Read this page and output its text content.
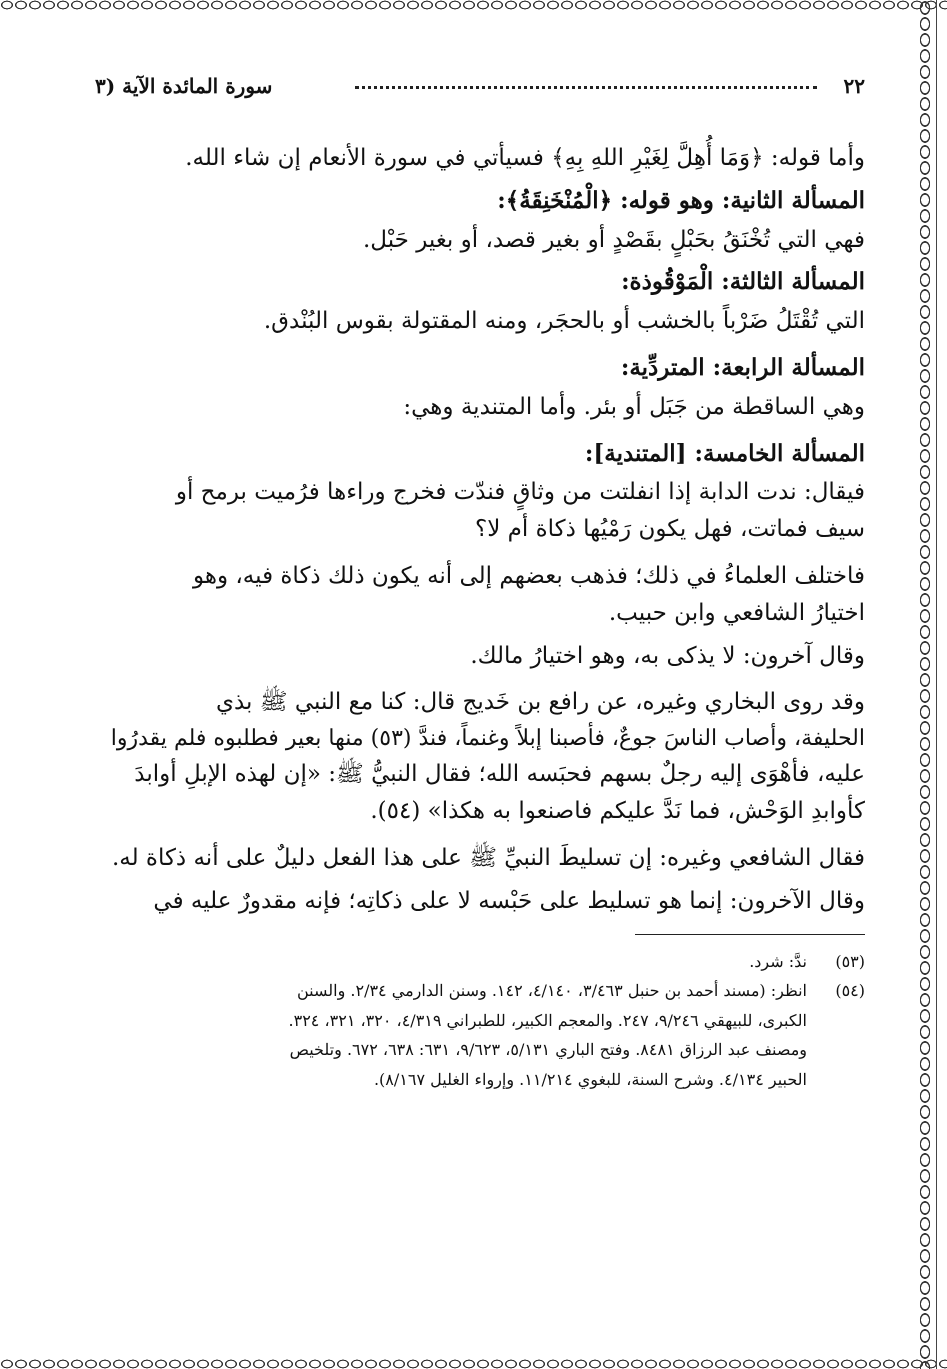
٢٢
سورة المائدة الآية (٣
وأما قوله: ﴿وَمَا أُهِلَّ لِغَيْرِ اللهِ بِهِ﴾ فسيأتي في سورة الأنعام إن شاء الله.
المسألة الثانية: وهو قوله: ﴿الْمُنْخَنِقَةُ﴾:
فهي التي تُخْنَقُ بحَبْلٍ بقَصْدٍ أو بغير قصد، أو بغير حَبْل.
المسألة الثالثة: الْمَوْقُوذة:
التي تُقْتَلُ ضَرْباً بالخشب أو بالحجَر، ومنه المقتولة بقوس البُنْدق.
المسألة الرابعة: المتردِّية:
وهي الساقطة من جَبَل أو بئر. وأما المتندية وهي:
المسألة الخامسة: [المتندية]:
فيقال: ندت الدابة إذا انفلتت من وثاقٍ فندّت فخرج وراءها فرُميت برمح أو
سيف فماتت، فهل يكون رَمْيُها ذكاة أم لا؟
فاختلف العلماءُ في ذلك؛ فذهب بعضهم إلى أنه يكون ذلك ذكاة فيه، وهو
اختيارُ الشافعي وابن حبيب.
وقال آخرون: لا يذكى به، وهو اختيارُ مالك.
وقد روى البخاري وغيره، عن رافع بن خَديج قال: كنا مع النبي ﷺ بذي
الحليفة، وأصاب الناسَ جوعٌ، فأصبنا إبلاً وغنماً، فندَّ (٥٣) منها بعير فطلبوه فلم يقدرُوا
عليه، فأهْوَى إليه رجلٌ بسهم فحبَسه الله؛ فقال النبيُّ ﷺ: «إن لهذه الإبلِ أوابدَ
كأوابدِ الوَحْش، فما نَدَّ عليكم فاصنعوا به هكذا» (٥٤).
فقال الشافعي وغيره: إن تسليطَ النبيِّ ﷺ على هذا الفعل دليلٌ على أنه ذكاة له.
وقال الآخرون: إنما هو تسليط على حَبْسه لا على ذكاتِه؛ فإنه مقدورٌ عليه في
(٥٣)
ندَّ: شرد.
(٥٤)
انظر: (مسند أحمد بن حنبل ٣/٤٦٣، ٤/١٤٠، ١٤٢. وسنن الدارمي ٢/٣٤. والسنن
الكبرى، للبيهقي ٩/٢٤٦، ٢٤٧. والمعجم الكبير، للطبراني ٤/٣١٩، ٣٢٠، ٣٢١، ٣٢٤.
ومصنف عبد الرزاق ٨٤٨١. وفتح الباري ٥/١٣١، ٩/٦٢٣، ٦٣١: ٦٣٨، ٦٧٢. وتلخيص
الحبير ٤/١٣٤. وشرح السنة، للبغوي ١١/٢١٤. وإرواء الغليل ٨/١٦٧).
